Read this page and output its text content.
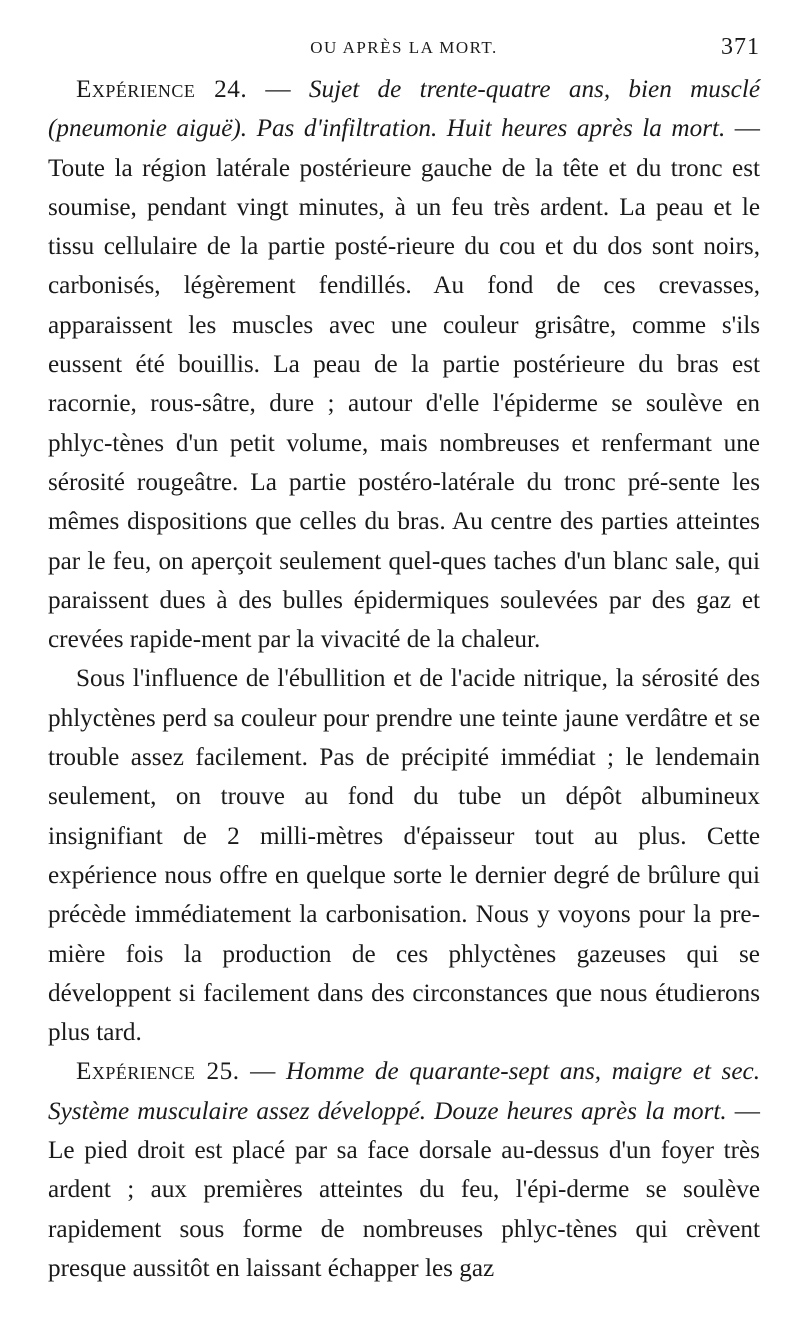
OU APRÈS LA MORT.	371

Expérience 24. — Sujet de trente-quatre ans, bien musclé (pneumonie aiguë). Pas d'infiltration. Huit heures après la mort. — Toute la région latérale postérieure gauche de la tête et du tronc est soumise, pendant vingt minutes, à un feu très ardent. La peau et le tissu cellulaire de la partie posté-rieure du cou et du dos sont noirs, carbonisés, légèrement fendillés. Au fond de ces crevasses, apparaissent les muscles avec une couleur grisâtre, comme s'ils eussent été bouillis. La peau de la partie postérieure du bras est racornie, rous-sâtre, dure ; autour d'elle l'épiderme se soulève en phlyc-tènes d'un petit volume, mais nombreuses et renfermant une sérosité rougeâtre. La partie postéro-latérale du tronc pré-sente les mêmes dispositions que celles du bras. Au centre des parties atteintes par le feu, on aperçoit seulement quel-ques taches d'un blanc sale, qui paraissent dues à des bulles épidermiques soulevées par des gaz et crevées rapide-ment par la vivacité de la chaleur.

Sous l'influence de l'ébullition et de l'acide nitrique, la sérosité des phlyctènes perd sa couleur pour prendre une teinte jaune verdâtre et se trouble assez facilement. Pas de précipité immédiat ; le lendemain seulement, on trouve au fond du tube un dépôt albumineux insignifiant de 2 milli-mètres d'épaisseur tout au plus. Cette expérience nous offre en quelque sorte le dernier degré de brûlure qui précède immédiatement la carbonisation. Nous y voyons pour la pre-mière fois la production de ces phlyctènes gazeuses qui se développent si facilement dans des circonstances que nous étudierons plus tard.

Expérience 25. — Homme de quarante-sept ans, maigre et sec. Système musculaire assez développé. Douze heures après la mort. — Le pied droit est placé par sa face dorsale au-dessus d'un foyer très ardent ; aux premières atteintes du feu, l'épi-derme se soulève rapidement sous forme de nombreuses phlyc-tènes qui crèvent presque aussitôt en laissant échapper les gaz
